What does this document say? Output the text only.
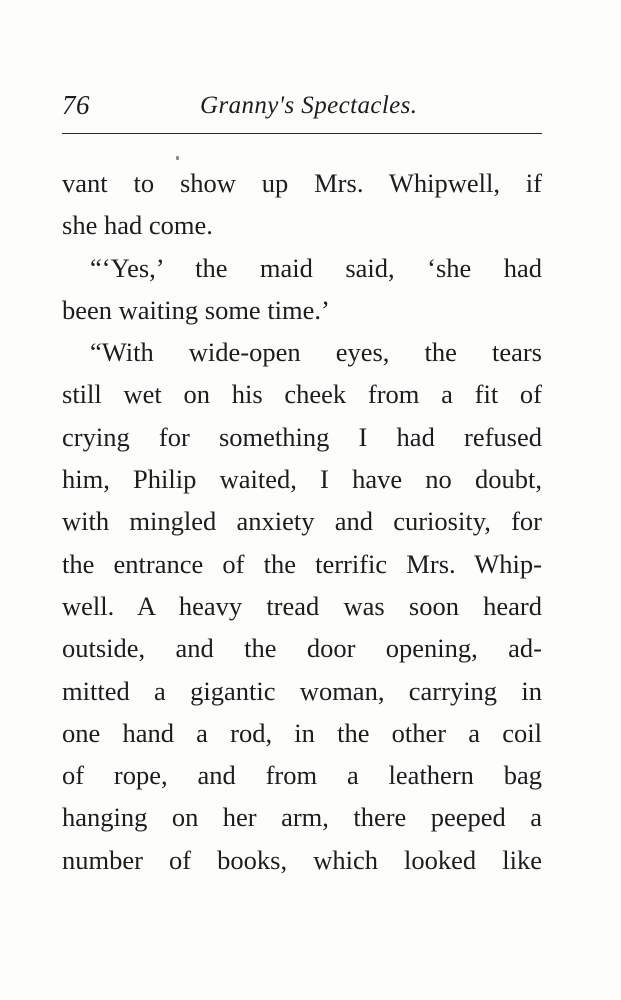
76	Granny's Spectacles.
vant to show up Mrs. Whipwell, if
she had come.
“‘Yes,’ the maid said, ‘she had
been waiting some time.’
“With wide-open eyes, the tears
still wet on his cheek from a fit of
crying for something I had refused
him, Philip waited, I have no doubt,
with mingled anxiety and curiosity, for
the entrance of the terrific Mrs. Whip-
well. A heavy tread was soon heard
outside, and the door opening, ad-
mitted a gigantic woman, carrying in
one hand a rod, in the other a coil
of rope, and from a leathern bag
hanging on her arm, there peeped a
number of books, which looked like
